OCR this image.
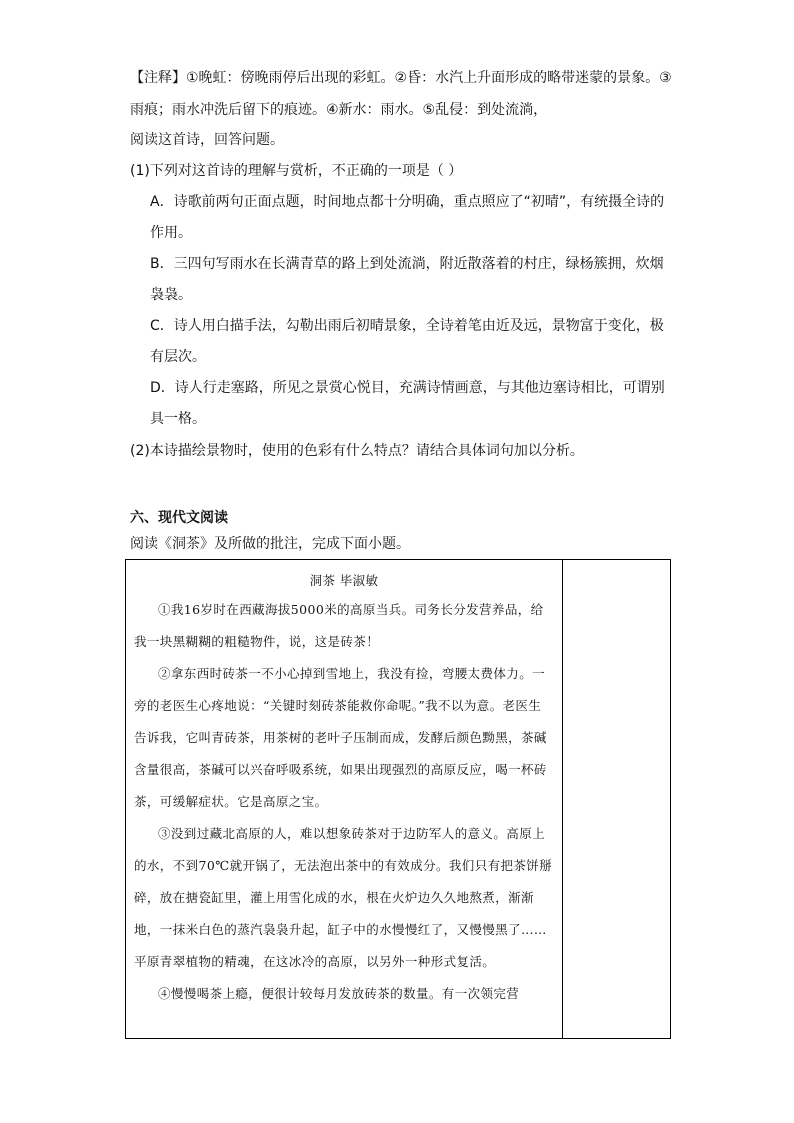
【注释】①晚虹：傍晚雨停后出现的彩虹。②昏：水汽上升面形成的略带迷蒙的景象。③
雨痕；雨水冲洗后留下的痕迹。④新水：雨水。⑤乱侵：到处流淌，
阅读这首诗，回答问题。
(1)下列对这首诗的理解与赏析，不正确的一项是（ ）
A．诗歌前两句正面点题，时间地点都十分明确，重点照应了“初晴”，有统摄全诗的
作用。
B．三四句写雨水在长满青草的路上到处流淌，附近散落着的村庄，绿杨簇拥，炊烟
袅袅。
C．诗人用白描手法，勾勒出雨后初晴景象，全诗着笔由近及远，景物富于变化，极
有层次。
D．诗人行走塞路，所见之景赏心悦目，充满诗情画意，与其他边塞诗相比，可谓别
具一格。
(2)本诗描绘景物时，使用的色彩有什么特点？请结合具体词句加以分析。
六、现代文阅读
阅读《洞茶》及所做的批注，完成下面小题。
洞茶 毕淑敏
①我16岁时在西藏海拔5000米的高原当兵。司务长分发营养品，给我一块黑糊糊的粗糙物件，说，这是砖茶！
②拿东西时砖茶一不小心掉到雪地上，我没有捡，弯腰太费体力。一旁的老医生心疼地说：“关键时刻砖茶能救你命呢。”我不以为意。老医生告诉我，它叫青砖茶，用茶树的老叶子压制而成，发酵后颜色黝黑，茶碱含量很高，茶碱可以兴奋呼吸系统，如果出现强烈的高原反应，喝一杯砖茶，可缓解症状。它是高原之宝。
③没到过藏北高原的人，难以想象砖茶对于边防军人的意义。高原上的水，不到70℃就开锅了，无法泡出茶中的有效成分。我们只有把茶饼掰碎，放在搪瓷缸里，灌上用雪化成的水，根在火炉边久久地熬煮，渐渐地，一抹米白色的蒸汽袅袅升起，缸子中的水慢慢红了，又慢慢黑了……平原青翠植物的精魂，在这冰冷的高原，以另外一种形式复活。
④慢慢喝茶上瘾，便很计较每月发放砖茶的数量。有一次领完营
